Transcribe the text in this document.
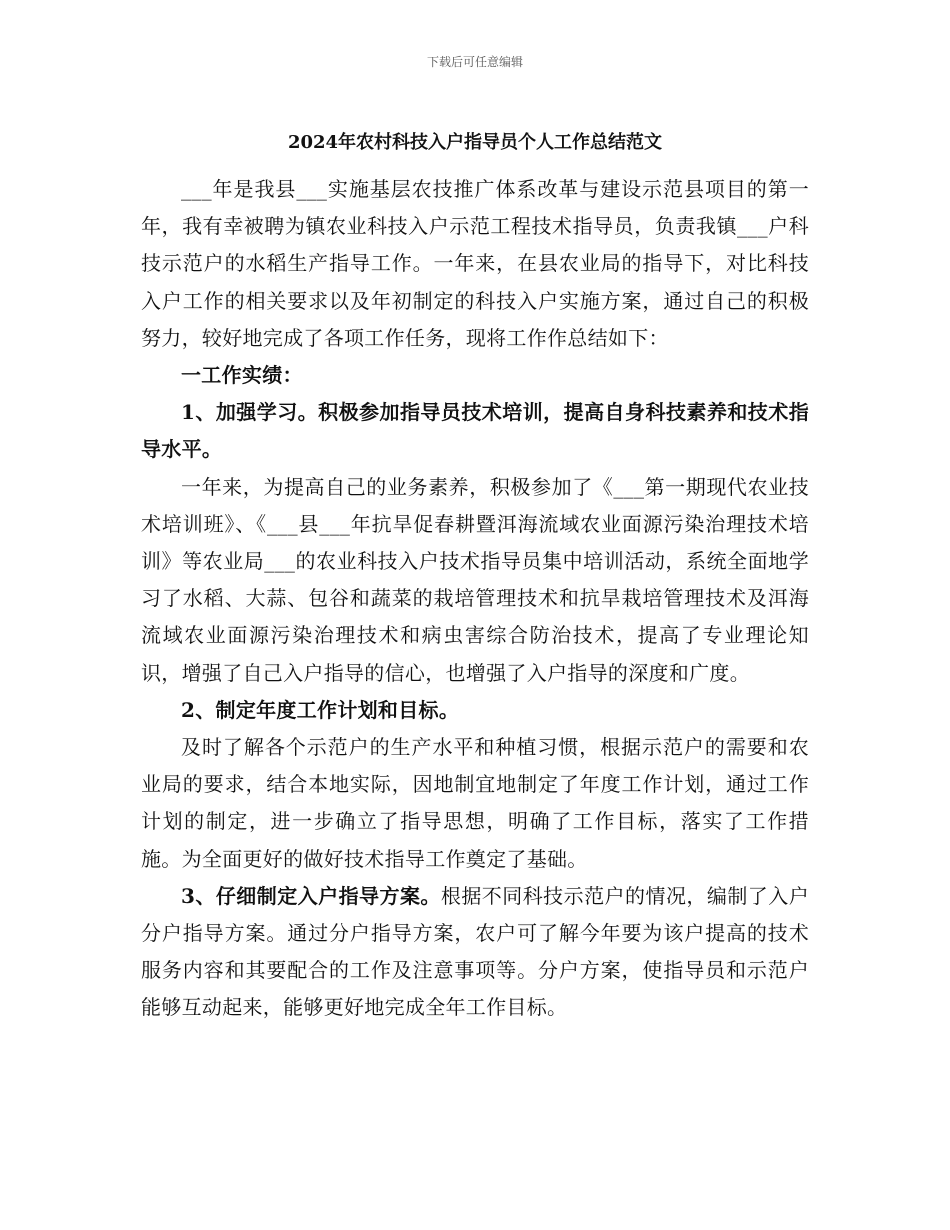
下载后可任意编辑
2024年农村科技入户指导员个人工作总结范文

___年是我县___实施基层农技推广体系改革与建设示范县项目的第一年，我有幸被聘为镇农业科技入户示范工程技术指导员，负责我镇___户科技示范户的水稻生产指导工作。一年来，在县农业局的指导下，对比科技入户工作的相关要求以及年初制定的科技入户实施方案，通过自己的积极努力，较好地完成了各项工作任务，现将工作作总结如下：

一工作实绩：

1、加强学习。积极参加指导员技术培训，提高自身科技素养和技术指导水平。

一年来，为提高自己的业务素养，积极参加了《___第一期现代农业技术培训班》、《___县___年抗旱促春耕暨洱海流域农业面源污染治理技术培训》等农业局___的农业科技入户技术指导员集中培训活动，系统全面地学习了水稻、大蒜、包谷和蔬菜的栽培管理技术和抗旱栽培管理技术及洱海流域农业面源污染治理技术和病虫害综合防治技术，提高了专业理论知识，增强了自己入户指导的信心，也增强了入户指导的深度和广度。

2、制定年度工作计划和目标。

及时了解各个示范户的生产水平和种植习惯，根据示范户的需要和农业局的要求，结合本地实际，因地制宜地制定了年度工作计划，通过工作计划的制定，进一步确立了指导思想，明确了工作目标，落实了工作措施。为全面更好的做好技术指导工作奠定了基础。

3、仔细制定入户指导方案。根据不同科技示范户的情况，编制了入户分户指导方案。通过分户指导方案，农户可了解今年要为该户提高的技术服务内容和其要配合的工作及注意事项等。分户方案，使指导员和示范户能够互动起来，能够更好地完成全年工作目标。
